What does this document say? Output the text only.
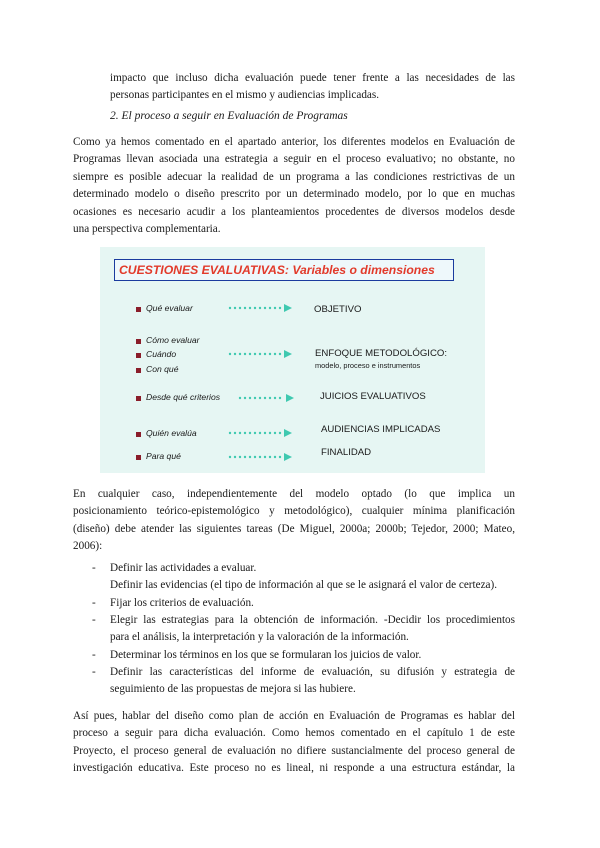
impacto que incluso dicha evaluación puede tener frente a las necesidades de las
personas participantes en el mismo y audiencias implicadas.
2. El proceso a seguir en Evaluación de Programas
Como ya hemos comentado en el apartado anterior, los diferentes modelos en Evaluación de
Programas llevan asociada una estrategia a seguir en el proceso evaluativo; no obstante, no
siempre es posible adecuar la realidad de un programa a las condiciones restrictivas de un
determinado modelo o diseño prescrito por un determinado modelo, por lo que en muchas
ocasiones es necesario acudir a los planteamientos procedentes de diversos modelos desde
una perspectiva complementaria.
CUESTIONES EVALUATIVAS: Variables o dimensiones
Qué evaluar
Cómo evaluar
Cuándo
Con qué
Desde qué criterios
Quién evalúa
Para qué
OBJETIVO
ENFOQUE METODOLÓGICO:
modelo, proceso e instrumentos
JUICIOS EVALUATIVOS
AUDIENCIAS IMPLICADAS
FINALIDAD
En cualquier caso, independientemente del modelo optado (lo que implica un
posicionamiento teórico-epistemológico y metodológico), cualquier mínima planificación
(diseño) debe atender las siguientes tareas (De Miguel, 2000a; 2000b; Tejedor, 2000; Mateo,
2006):
- Definir las actividades a evaluar.
Definir las evidencias (el tipo de información al que se le asignará el valor de certeza).
- Fijar los criterios de evaluación.
- Elegir las estrategias para la obtención de información. -Decidir los procedimientos
para el análisis, la interpretación y la valoración de la información.
- Determinar los términos en los que se formularan los juicios de valor.
- Definir las características del informe de evaluación, su difusión y estrategia de
seguimiento de las propuestas de mejora si las hubiere.
Así pues, hablar del diseño como plan de acción en Evaluación de Programas es hablar del
proceso a seguir para dicha evaluación. Como hemos comentado en el capítulo 1 de este
Proyecto, el proceso general de evaluación no difiere sustancialmente del proceso general de
investigación educativa. Este proceso no es lineal, ni responde a una estructura estándar, la
